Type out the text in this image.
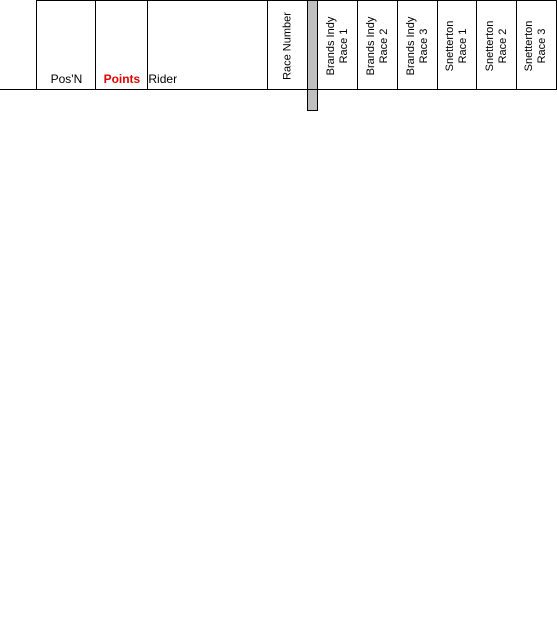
	Pos'N	Points	Rider	Race Number		Brands Indy Race 1	Brands Indy Race 2	Brands Indy Race 3	Snetterton Race 1	Snetterton Race 2	Snetterton Race 3
